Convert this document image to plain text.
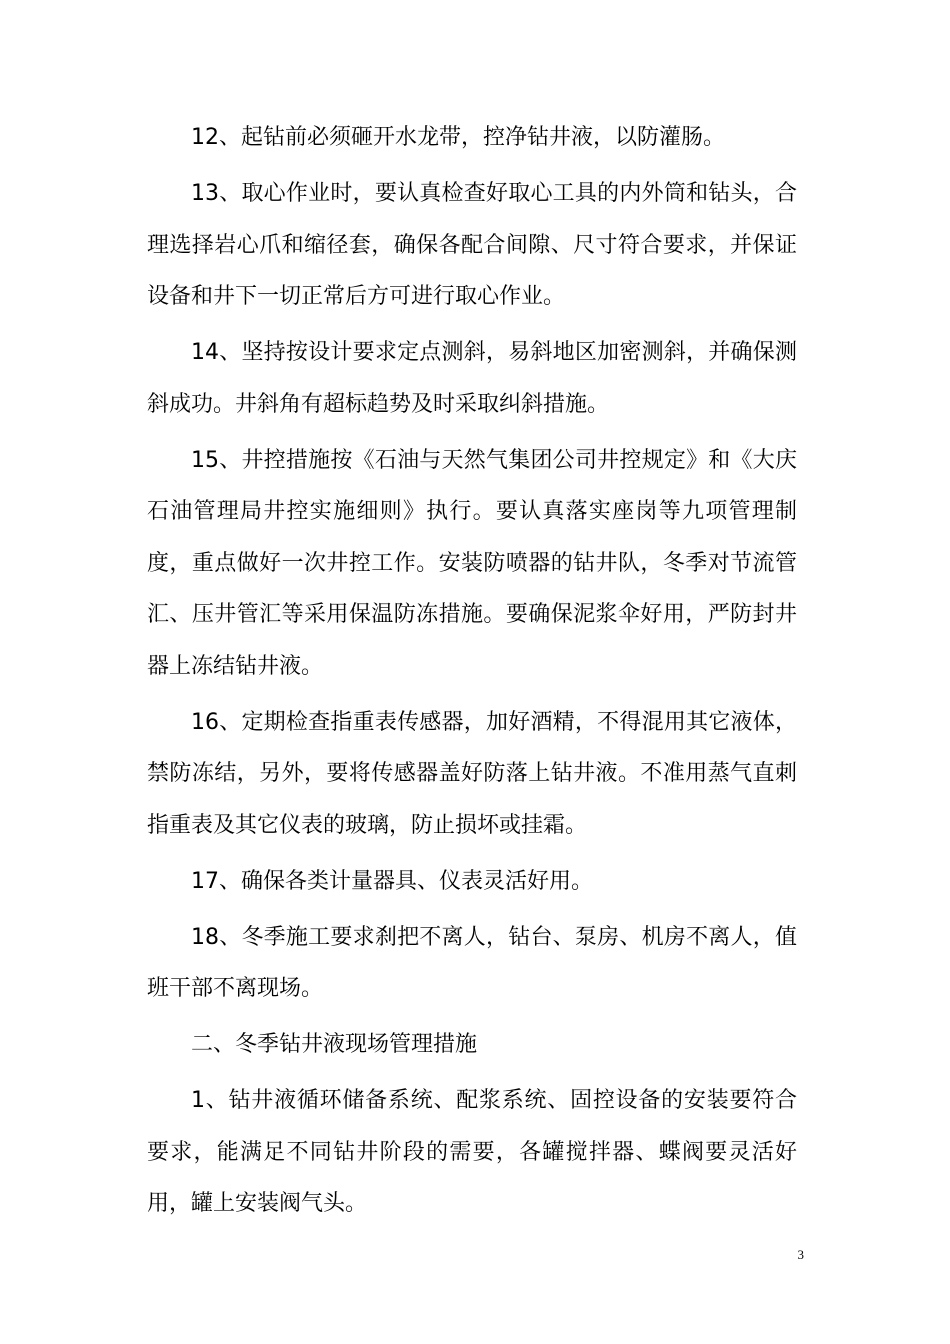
12、起钻前必须砸开水龙带，控净钻井液，以防灌肠。

13、取心作业时，要认真检查好取心工具的内外筒和钻头，合理选择岩心爪和缩径套，确保各配合间隙、尺寸符合要求，并保证设备和井下一切正常后方可进行取心作业。

14、坚持按设计要求定点测斜，易斜地区加密测斜，并确保测斜成功。井斜角有超标趋势及时采取纠斜措施。

15、井控措施按《石油与天然气集团公司井控规定》和《大庆石油管理局井控实施细则》执行。要认真落实座岗等九项管理制度，重点做好一次井控工作。安装防喷器的钻井队，冬季对节流管汇、压井管汇等采用保温防冻措施。要确保泥浆伞好用，严防封井器上冻结钻井液。

16、定期检查指重表传感器，加好酒精，不得混用其它液体，禁防冻结，另外，要将传感器盖好防落上钻井液。不准用蒸气直刺指重表及其它仪表的玻璃，防止损坏或挂霜。

17、确保各类计量器具、仪表灵活好用。

18、冬季施工要求刹把不离人，钻台、泵房、机房不离人，值班干部不离现场。

二、冬季钻井液现场管理措施

1、钻井液循环储备系统、配浆系统、固控设备的安装要符合要求，能满足不同钻井阶段的需要，各罐搅拌器、蝶阀要灵活好用，罐上安装阀气头。

3
